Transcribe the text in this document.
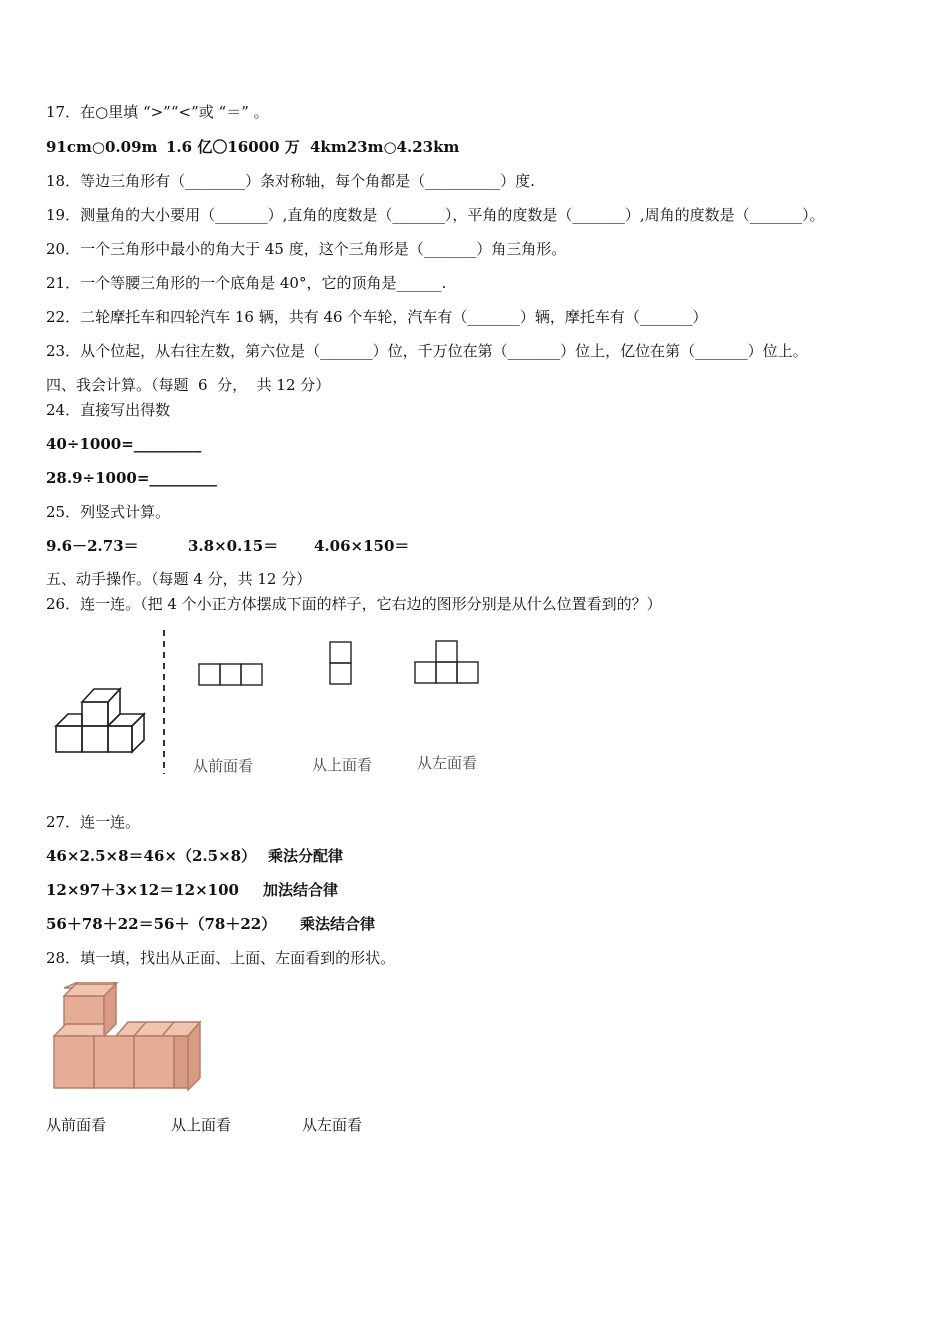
17．在○里填 “>”“<”或 “＝” 。
91cm○0.09m 1.6 亿〇16000 万 4km23m○4.23km
18．等边三角形有（________）条对称轴，每个角都是（__________）度.
19．测量角的大小要用（_______）,直角的度数是（_______），平角的度数是（_______）,周角的度数是（_______）。
20．一个三角形中最小的角大于 45 度，这个三角形是（_______）角三角形。
21．一个等腰三角形的一个底角是 40°，它的顶角是______.
22．二轮摩托车和四轮汽车 16 辆，共有 46 个车轮，汽车有（_______）辆，摩托车有（_______）
23．从个位起，从右往左数，第六位是（_______）位，千万位在第（_______）位上，亿位在第（_______）位上。
四、我会计算。（每题  6  分，  共 12 分）
24．直接写出得数
40÷1000=_________
28.9÷1000=_________
25．列竖式计算。
9.6－2.73＝	3.8×0.15＝ 4.06×150＝
五、动手操作。（每题 4 分，共 12 分）
26．连一连。（把 4 个小正方体摆成下面的样子，它右边的图形分别是从什么位置看到的？）
从前面看	从上面看	从左面看
27．连一连。
46×2.5×8＝46×（2.5×8） 乘法分配律
12×97＋3×12＝12×100 加法结合律
56＋78＋22＝56＋（78＋22） 乘法结合律
28．填一填，找出从正面、上面、左面看到的形状。
从前面看	从上面看	从左面看
